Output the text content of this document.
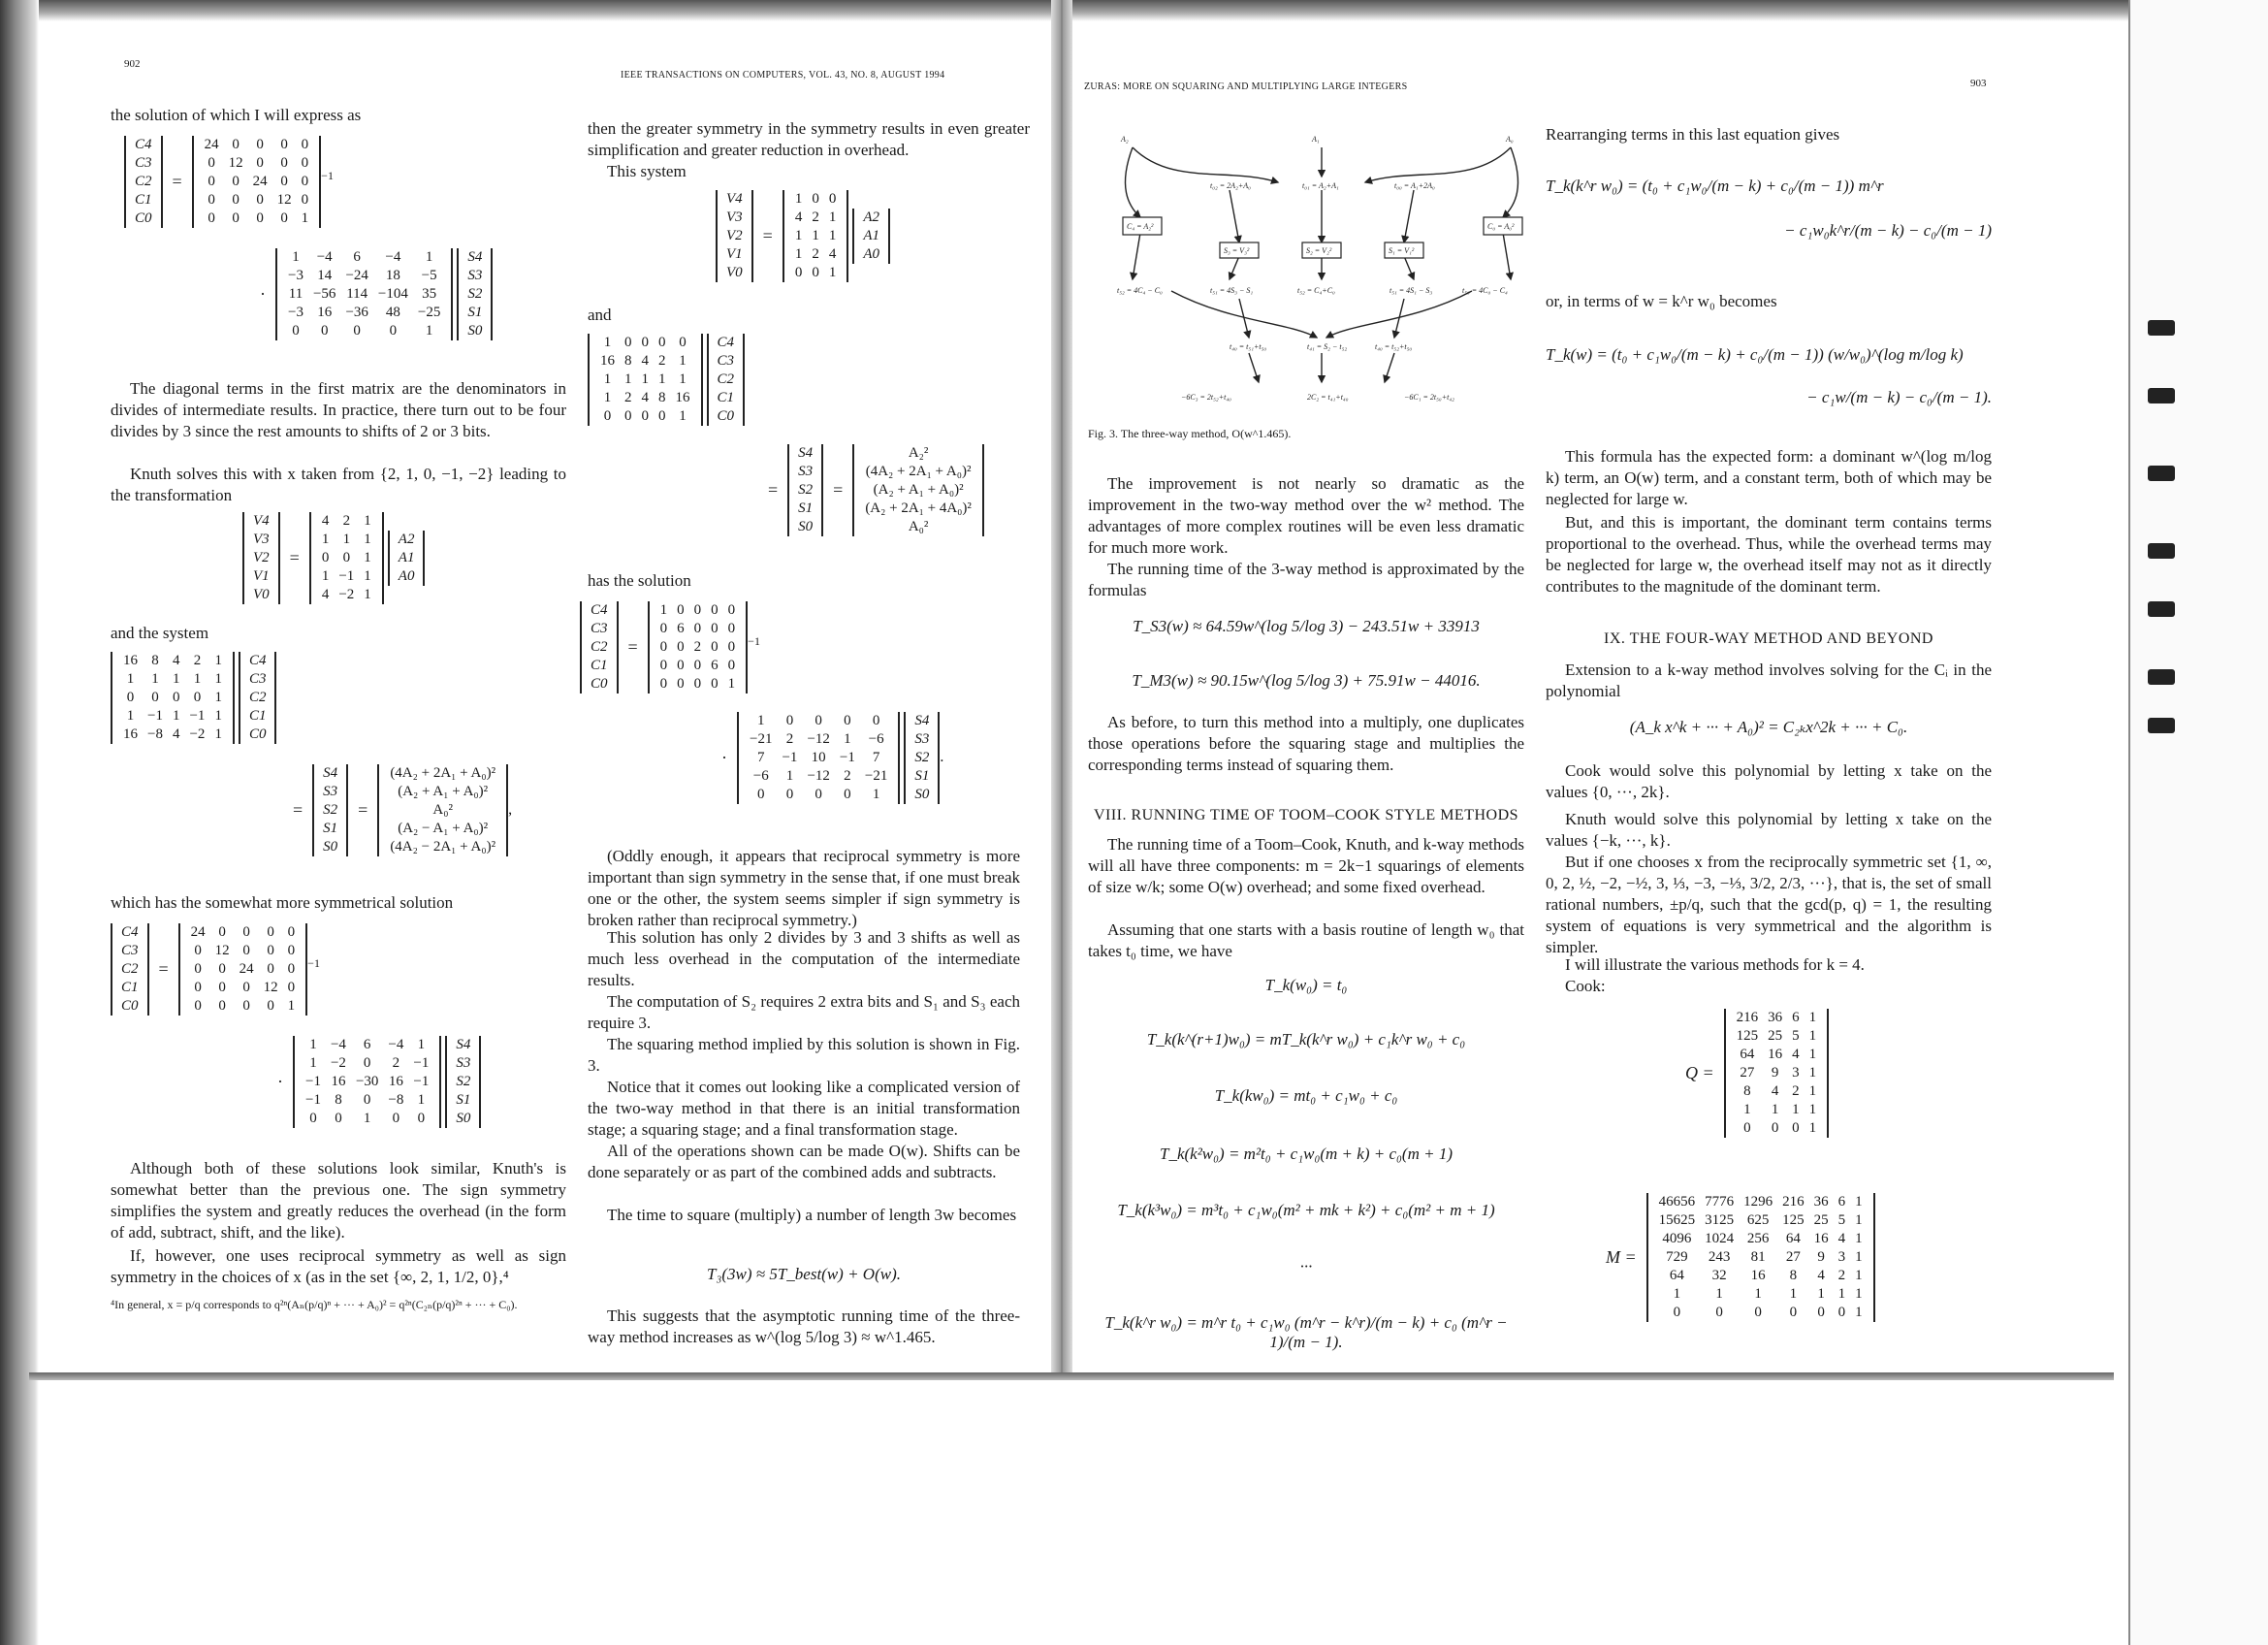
902
IEEE TRANSACTIONS ON COMPUTERS, VOL. 43, NO. 8, AUGUST 1994
the solution of which I will express as
C4
C3
C2
C1
C0
=
24	0	0	0	0
0	12	0	0	0
0	0	24	0	0
0	0	0	12	0
0	0	0	0	1
$^{-1}$
·
1	−4	6	−4	1
−3	14	−24	18	−5
11	−56	114	−104	35
−3	16	−36	48	−25
0	0	0	0	1

S4
S3
S2
S1
S0
The diagonal terms in the first matrix are the denominators in divides of intermediate results. In practice, there turn out to be four divides by 3 since the rest amounts to shifts of 2 or 3 bits.
Knuth solves this with x taken from {2, 1, 0, −1, −2} leading to the transformation
V4
V3
V2
V1
V0
=
4	2	1
1	1	1
0	0	1
1	−1	1
4	−2	1

A2
A1
A0
and the system
16	8	4	2	1
1	1	1	1	1
0	0	0	0	1
1	−1	1	−1	1
16	−8	4	−2	1

C4
C3
C2
C1
C0
=
S4
S3
S2
S1
S0
=
(4A₂ + 2A₁ + A₀)²
(A₂ + A₁ + A₀)²
A₀²
(A₂ − A₁ + A₀)²
(4A₂ − 2A₁ + A₀)²
,
which has the somewhat more symmetrical solution
C4
C3
C2
C1
C0
=
24	0	0	0	0
0	12	0	0	0
0	0	24	0	0
0	0	0	12	0
0	0	0	0	1
$^{-1}$
·
1	−4	6	−4	1
1	−2	0	2	−1
−1	16	−30	16	−1
−1	8	0	−8	1
0	0	1	0	0

S4
S3
S2
S1
S0
Although both of these solutions look similar, Knuth's is somewhat better than the previous one. The sign symmetry simplifies the system and greatly reduces the overhead (in the form of add, subtract, shift, and the like).
If, however, one uses reciprocal symmetry as well as sign symmetry in the choices of x (as in the set {∞, 2, 1, 1/2, 0},⁴
⁴In general, x = p/q corresponds to q²ⁿ(Aₙ(p/q)ⁿ + ··· + A₀)² = q²ⁿ(C₂ₙ(p/q)²ⁿ + ··· + C₀).
then the greater symmetry in the symmetry results in even greater simplification and greater reduction in overhead.
This system
V4
V3
V2
V1
V0
=
1	0	0
4	2	1
1	1	1
1	2	4
0	0	1

A2
A1
A0
and
1	0	0	0	0
16	8	4	2	1
1	1	1	1	1
1	2	4	8	16
0	0	0	0	1

C4
C3
C2
C1
C0
=
S4
S3
S2
S1
S0
=
A₂²
(4A₂ + 2A₁ + A₀)²
(A₂ + A₁ + A₀)²
(A₂ + 2A₁ + 4A₀)²
A₀²
has the solution
C4
C3
C2
C1
C0
=
1	0	0	0	0
0	6	0	0	0
0	0	2	0	0
0	0	0	6	0
0	0	0	0	1
$^{-1}$
·
1	0	0	0	0
−21	2	−12	1	−6
7	−1	10	−1	7
−6	1	−12	2	−21
0	0	0	0	1

S4
S3
S2
S1
S0
.
(Oddly enough, it appears that reciprocal symmetry is more important than sign symmetry in the sense that, if one must break one or the other, the system seems simpler if sign symmetry is broken rather than reciprocal symmetry.)
This solution has only 2 divides by 3 and 3 shifts as well as much less overhead in the computation of the intermediate results.
The computation of S₂ requires 2 extra bits and S₁ and S₃ each require 3.
The squaring method implied by this solution is shown in Fig. 3.
Notice that it comes out looking like a complicated version of the two-way method in that there is an initial transformation stage; a squaring stage; and a final transformation stage.
All of the operations shown can be made O(w). Shifts can be done separately or as part of the combined adds and subtracts.
The time to square (multiply) a number of length 3w becomes
T₃(3w) ≈ 5T_best(w) + O(w).
This suggests that the asymptotic running time of the three-way method increases as w^(log 5/log 3) ≈ w^1.465.
ZURAS: MORE ON SQUARING AND MULTIPLYING LARGE INTEGERS	903
A₂	A₁	A₀
t₀₂ = 2A₂+A₀	t₀₁ = A₂+A₁	t₀₀ = A₁+2A₀
C₄ = A₂²
S₃ = V₃²	S₂ = V₂²	S₁ = V₁²
C₀ = A₀²
t₅₂ = 4C₄ − C₀	t₅₁ = 4S₃ − S₁	t₅₂ = C₄+C₀	t₅₁ = 4S₁ − S₃	t₅₀ = 4C₀ − C₄
t₄₀ = t₅₁+t₅₀	t₄₁ = S₂ − t₅₂	t₄₀ = t₅₂+t₅₀
−6C₃ = 2t₅₂+t₄₀	2C₂ = t₄₁+t₄₀	−6C₁ = 2t₅₀+t₄₂
Fig. 3. The three-way method, O(w^1.465).
The improvement is not nearly so dramatic as the improvement in the two-way method over the w² method. The advantages of more complex routines will be even less dramatic for much more work.
The running time of the 3-way method is approximated by the formulas
T_S3(w) ≈ 64.59w^(log 5/log 3) − 243.51w + 33913
T_M3(w) ≈ 90.15w^(log 5/log 3) + 75.91w − 44016.
As before, to turn this method into a multiply, one duplicates those operations before the squaring stage and multiplies the corresponding terms instead of squaring them.
VIII. RUNNING TIME OF TOOM–COOK STYLE METHODS
The running time of a Toom–Cook, Knuth, and k-way methods will all have three components: m = 2k−1 squarings of elements of size w/k; some O(w) overhead; and some fixed overhead.
Assuming that one starts with a basis routine of length w₀ that takes t₀ time, we have
T_k(w₀) = t₀
T_k(k^(r+1)w₀) = mT_k(k^r w₀) + c₁k^r w₀ + c₀
T_k(kw₀) = mt₀ + c₁w₀ + c₀
T_k(k²w₀) = m²t₀ + c₁w₀(m + k) + c₀(m + 1)
T_k(k³w₀) = m³t₀ + c₁w₀(m² + mk + k²) + c₀(m² + m + 1)
···
T_k(k^r w₀) = m^r t₀ + c₁w₀ (m^r − k^r)/(m − k) + c₀ (m^r − 1)/(m − 1).
Rearranging terms in this last equation gives
T_k(k^r w₀) = (t₀ + c₁w₀/(m − k) + c₀/(m − 1)) m^r
− c₁w₀k^r/(m − k) − c₀/(m − 1)
or, in terms of w = k^r w₀ becomes
T_k(w) = (t₀ + c₁w₀/(m − k) + c₀/(m − 1)) (w/w₀)^(log m/log k)
− c₁w/(m − k) − c₀/(m − 1).
This formula has the expected form: a dominant w^(log m/log k) term, an O(w) term, and a constant term, both of which may be neglected for large w.
But, and this is important, the dominant term contains terms proportional to the overhead. Thus, while the overhead terms may be neglected for large w, the overhead itself may not as it directly contributes to the magnitude of the dominant term.
IX. THE FOUR-WAY METHOD AND BEYOND
Extension to a k-way method involves solving for the Cᵢ in the polynomial
(A_k x^k + ··· + A₀)² = C₂ₖx^2k + ··· + C₀.
Cook would solve this polynomial by letting x take on the values {0, ···, 2k}.
Knuth would solve this polynomial by letting x take on the values {−k, ···, k}.
But if one chooses x from the reciprocally symmetric set {1, ∞, 0, 2, ½, −2, −½, 3, ⅓, −3, −⅓, 3/2, 2/3, ···}, that is, the set of small rational numbers, ±p/q, such that the gcd(p, q) = 1, the resulting system of equations is very symmetrical and the algorithm is simpler.
I will illustrate the various methods for k = 4.
Cook:
Q =
216	36	6	1
125	25	5	1
64	16	4	1
27	9	3	1
8	4	2	1
1	1	1	1
0	0	0	1
M =
46656	7776	1296	216	36	6	1
15625	3125	625	125	25	5	1
4096	1024	256	64	16	4	1
729	243	81	27	9	3	1
64	32	16	8	4	2	1
1	1	1	1	1	1	1
0	0	0	0	0	0	1
